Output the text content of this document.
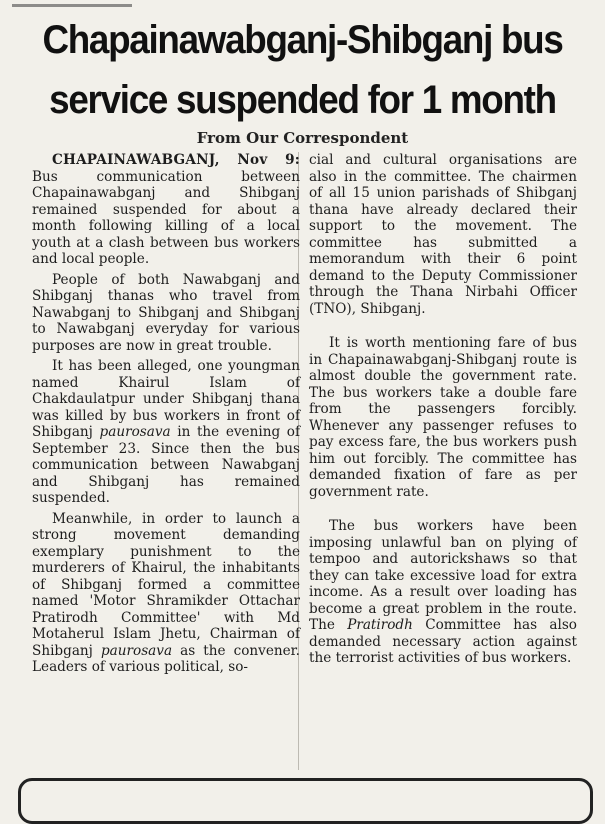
Chapainawabganj-Shibganj bus
service suspended for 1 month
From Our Correspondent

CHAPAINAWABGANJ, Nov 9: Bus communication between Chapainawabganj and Shibganj remained suspended for about a month following killing of a local youth at a clash between bus workers and local people.

People of both Nawabganj and Shibganj thanas who travel from Nawabganj to Shibganj and Shibganj to Nawabganj everyday for various purposes are now in great trouble.

It has been alleged, one youngman named Khairul Islam of Chakdaulatpur under Shibganj thana was killed by bus workers in front of Shibganj paurosava in the evening of September 23. Since then the bus communication between Nawabganj and Shibganj has remained suspended.

Meanwhile, in order to launch a strong movement demanding exemplary punishment to the murderers of Khairul, the inhabitants of Shibganj formed a committee named 'Motor Shramikder Ottachar Pratirodh Committee' with Md Motaherul Islam Jhetu, Chairman of Shibganj paurosava as the convener. Leaders of various political, so-

cial and cultural organisations are also in the committee. The chairmen of all 15 union parishads of Shibganj thana have already declared their support to the movement. The committee has submitted a memorandum with their 6 point demand to the Deputy Commissioner through the Thana Nirbahi Officer (TNO), Shibganj.

It is worth mentioning fare of bus in Chapainawabganj-Shibganj route is almost double the government rate. The bus workers take a double fare from the passengers forcibly. Whenever any passenger refuses to pay excess fare, the bus workers push him out forcibly. The committee has demanded fixation of fare as per government rate.

The bus workers have been imposing unlawful ban on plying of tempoo and autorickshaws so that they can take excessive load for extra income. As a result over loading has become a great problem in the route. The Pratirodh Committee has also demanded necessary action against the terrorist activities of bus workers.
